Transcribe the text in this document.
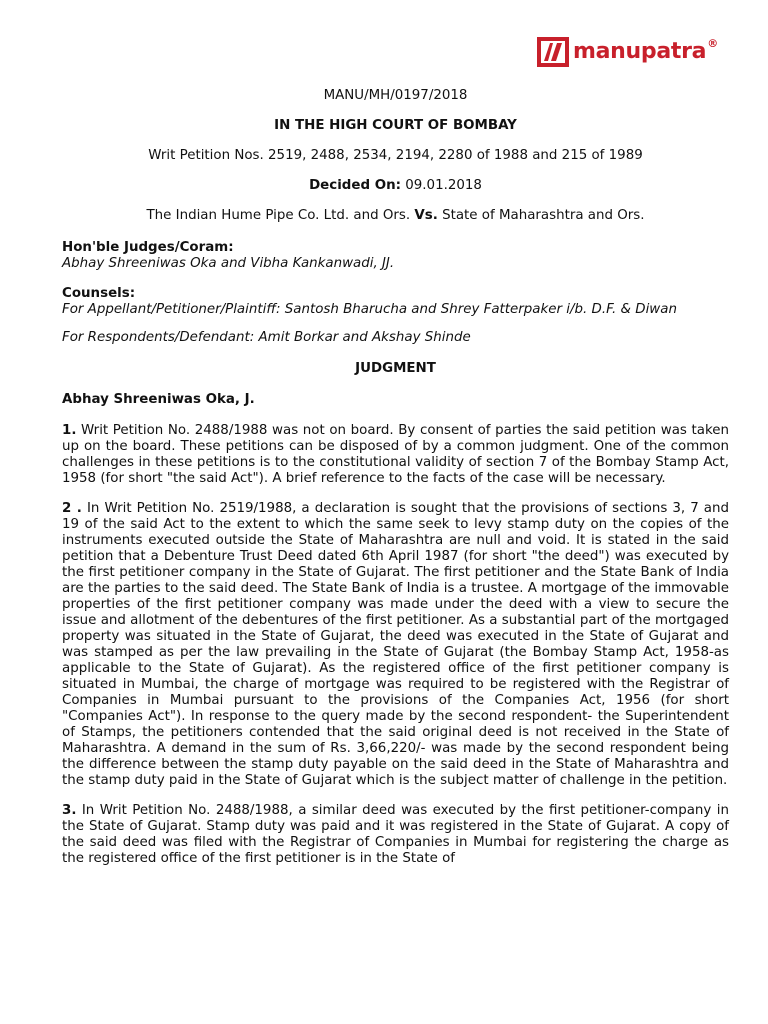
manupatra ®

MANU/MH/0197/2018

IN THE HIGH COURT OF BOMBAY

Writ Petition Nos. 2519, 2488, 2534, 2194, 2280 of 1988 and 215 of 1989

Decided On: 09.01.2018

The Indian Hume Pipe Co. Ltd. and Ors. Vs. State of Maharashtra and Ors.

Hon'ble Judges/Coram:

Abhay Shreeniwas Oka and Vibha Kankanwadi, JJ.

Counsels:

For Appellant/Petitioner/Plaintiff: Santosh Bharucha and Shrey Fatterpaker i/b. D.F. & Diwan

For Respondents/Defendant: Amit Borkar and Akshay Shinde

JUDGMENT

Abhay Shreeniwas Oka, J.

1. Writ Petition No. 2488/1988 was not on board. By consent of parties the said petition was taken up on the board. These petitions can be disposed of by a common judgment. One of the common challenges in these petitions is to the constitutional validity of section 7 of the Bombay Stamp Act, 1958 (for short "the said Act"). A brief reference to the facts of the case will be necessary.

2 . In Writ Petition No. 2519/1988, a declaration is sought that the provisions of sections 3, 7 and 19 of the said Act to the extent to which the same seek to levy stamp duty on the copies of the instruments executed outside the State of Maharashtra are null and void. It is stated in the said petition that a Debenture Trust Deed dated 6th April 1987 (for short "the deed") was executed by the first petitioner company in the State of Gujarat. The first petitioner and the State Bank of India are the parties to the said deed. The State Bank of India is a trustee. A mortgage of the immovable properties of the first petitioner company was made under the deed with a view to secure the issue and allotment of the debentures of the first petitioner. As a substantial part of the mortgaged property was situated in the State of Gujarat, the deed was executed in the State of Gujarat and was stamped as per the law prevailing in the State of Gujarat (the Bombay Stamp Act, 1958-as applicable to the State of Gujarat). As the registered office of the first petitioner company is situated in Mumbai, the charge of mortgage was required to be registered with the Registrar of Companies in Mumbai pursuant to the provisions of the Companies Act, 1956 (for short "Companies Act"). In response to the query made by the second respondent- the Superintendent of Stamps, the petitioners contended that the said original deed is not received in the State of Maharashtra. A demand in the sum of Rs. 3,66,220/- was made by the second respondent being the difference between the stamp duty payable on the said deed in the State of Maharashtra and the stamp duty paid in the State of Gujarat which is the subject matter of challenge in the petition.

3. In Writ Petition No. 2488/1988, a similar deed was executed by the first petitioner-company in the State of Gujarat. Stamp duty was paid and it was registered in the State of Gujarat. A copy of the said deed was filed with the Registrar of Companies in Mumbai for registering the charge as the registered office of the first petitioner is in the State of
